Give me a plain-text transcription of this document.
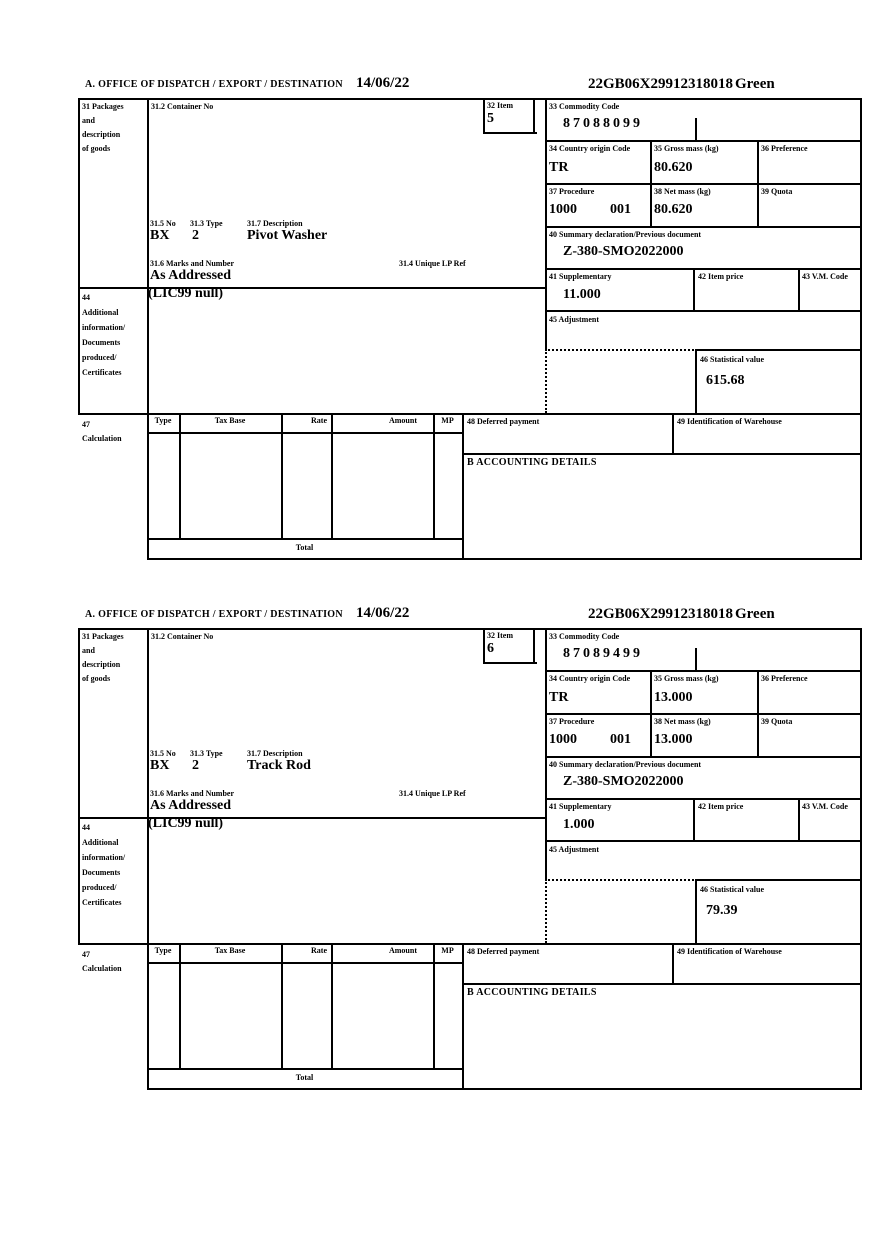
A. OFFICE OF DISPATCH / EXPORT / DESTINATION 14/06/22	22GB06X29912318018 Green
31 Packages
and
description
of goods
44
Additional
information/
Documents
produced/
Certificates
47
Calculation
31.2 Container No	32 Item
5
31.5 No 31.3 Type	31.7 Description
BX 2	Pivot Washer
31.6 Marks and Number	31.4 Unique LP Ref
As Addressed
(LIC99 null)
33 Commodity Code
87088099
34 Country origin Code
TR
35 Gross mass (kg)
80.620
36 Preference
37 Procedure
1000 001
38 Net mass (kg)
80.620
39 Quota
40 Summary declaration/Previous document
Z-380-SMO2022000
41 Supplementary
11.000
42 Item price	43 V.M. Code
45 Adjustment
46 Statistical value
615.68
Type	Tax Base	Rate	Amount	MP	48 Deferred payment	49 Identification of Warehouse
B ACCOUNTING DETAILS
Total
A. OFFICE OF DISPATCH / EXPORT / DESTINATION 14/06/22	22GB06X29912318018 Green
31 Packages
and
description
of goods
44
Additional
information/
Documents
produced/
Certificates
47
Calculation
31.2 Container No	32 Item
6
31.5 No 31.3 Type	31.7 Description
BX 2	Track Rod
31.6 Marks and Number	31.4 Unique LP Ref
As Addressed
(LIC99 null)
33 Commodity Code
87089499
34 Country origin Code
TR
35 Gross mass (kg)
13.000
36 Preference
37 Procedure
1000 001
38 Net mass (kg)
13.000
39 Quota
40 Summary declaration/Previous document
Z-380-SMO2022000
41 Supplementary
1.000
42 Item price	43 V.M. Code
45 Adjustment
46 Statistical value
79.39
Type	Tax Base	Rate	Amount	MP	48 Deferred payment	49 Identification of Warehouse
B ACCOUNTING DETAILS
Total
